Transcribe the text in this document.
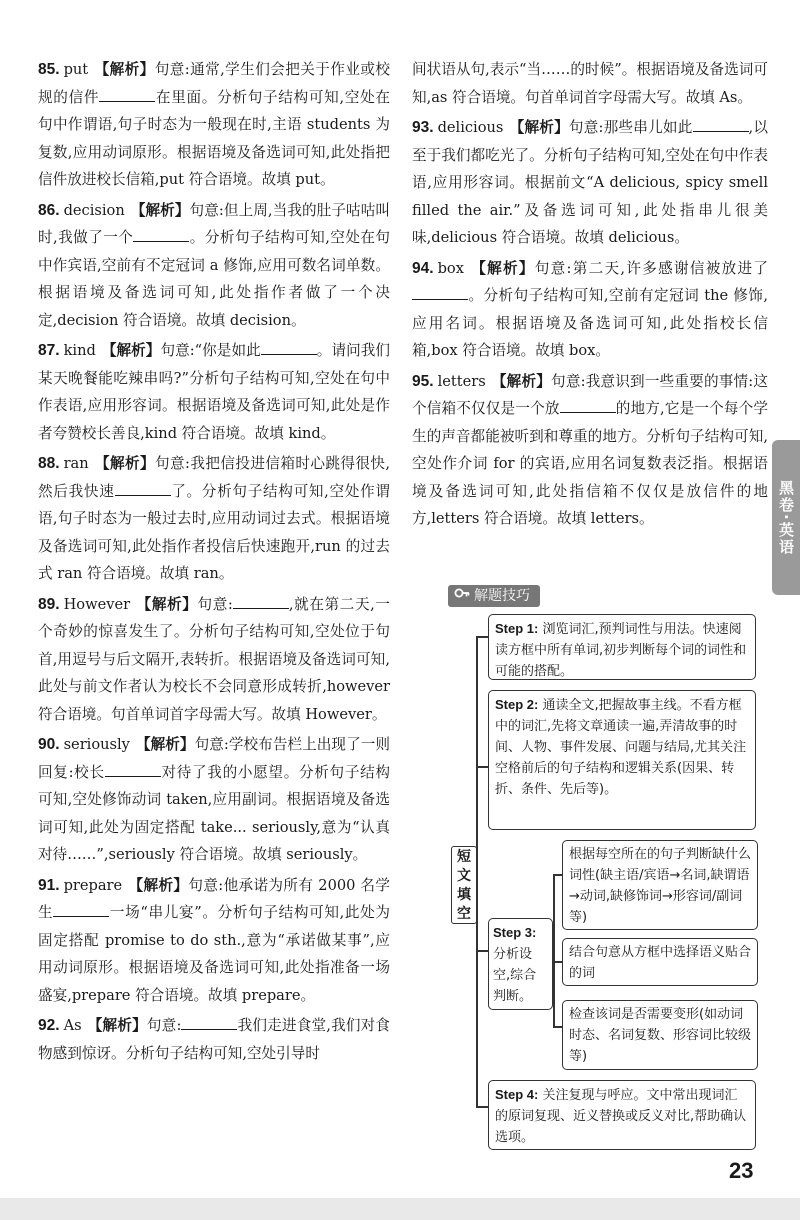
85. put 【解析】句意:通常,学生们会把关于作业或校规的信件	在里面。分析句子结构可知,空处在句中作谓语,句子时态为一般现在时,主语 students 为复数,应用动词原形。根据语境及备选词可知,此处指把信件放进校长信箱,put 符合语境。故填 put。
86. decision 【解析】句意:但上周,当我的肚子咕咕叫时,我做了一个	。分析句子结构可知,空处在句中作宾语,空前有不定冠词 a 修饰,应用可数名词单数。根据语境及备选词可知,此处指作者做了一个决定,decision 符合语境。故填 decision。
87. kind 【解析】句意:“你是如此	。请问我们某天晚餐能吃辣串吗?”分析句子结构可知,空处在句中作表语,应用形容词。根据语境及备选词可知,此处是作者夸赞校长善良,kind 符合语境。故填 kind。
88. ran 【解析】句意:我把信投进信箱时心跳得很快,然后我快速	了。分析句子结构可知,空处作谓语,句子时态为一般过去时,应用动词过去式。根据语境及备选词可知,此处指作者投信后快速跑开,run 的过去式 ran 符合语境。故填 ran。
89. However 【解析】句意:	,就在第二天,一个奇妙的惊喜发生了。分析句子结构可知,空处位于句首,用逗号与后文隔开,表转折。根据语境及备选词可知,此处与前文作者认为校长不会同意形成转折,however 符合语境。句首单词首字母需大写。故填 However。
90. seriously 【解析】句意:学校布告栏上出现了一则回复:校长	对待了我的小愿望。分析句子结构可知,空处修饰动词 taken,应用副词。根据语境及备选词可知,此处为固定搭配 take... seriously,意为“认真对待……”,seriously 符合语境。故填 seriously。
91. prepare 【解析】句意:他承诺为所有 2000 名学生	一场“串儿宴”。分析句子结构可知,此处为固定搭配 promise to do sth.,意为“承诺做某事”,应用动词原形。根据语境及备选词可知,此处指准备一场盛宴,prepare 符合语境。故填 prepare。
92. As 【解析】句意:	我们走进食堂,我们对食物感到惊讶。分析句子结构可知,空处引导时
间状语从句,表示“当……的时候”。根据语境及备选词可知,as 符合语境。句首单词首字母需大写。故填 As。
93. delicious 【解析】句意:那些串儿如此	,以至于我们都吃光了。分析句子结构可知,空处在句中作表语,应用形容词。根据前文“A delicious, spicy smell filled the air.”及备选词可知,此处指串儿很美味,delicious 符合语境。故填 delicious。
94. box 【解析】句意:第二天,许多感谢信被放进了。分析句子结构可知,空前有定冠词 the 修饰,应用名词。根据语境及备选词可知,此处指校长信箱,box 符合语境。故填 box。
95. letters 【解析】句意:我意识到一些重要的事情:这个信箱不仅仅是一个放	的地方,它是一个每个学生的声音都能被听到和尊重的地方。分析句子结构可知,空处作介词 for 的宾语,应用名词复数表泛指。根据语境及备选词可知,此处指信箱不仅仅是放信件的地方,letters 符合语境。故填 letters。	黑卷·英语
解题技巧
短文填空
Step 1: 浏览词汇,预判词性与用法。快速阅读方框中所有单词,初步判断每个词的词性和可能的搭配。
Step 2: 通读全文,把握故事主线。不看方框中的词汇,先将文章通读一遍,弄清故事的时间、人物、事件发展、问题与结局,尤其关注空格前后的句子结构和逻辑关系(因果、转折、条件、先后等)。
Step 3: 分析设空,综合判断。
根据每空所在的句子判断缺什么词性(缺主语/宾语→名词,缺谓语→动词,缺修饰词→形容词/副词等)
结合句意从方框中选择语义贴合的词
检查该词是否需要变形(如动词时态、名词复数、形容词比较级等)
Step 4: 关注复现与呼应。文中常出现词汇的原词复现、近义替换或反义对比,帮助确认选项。
23
